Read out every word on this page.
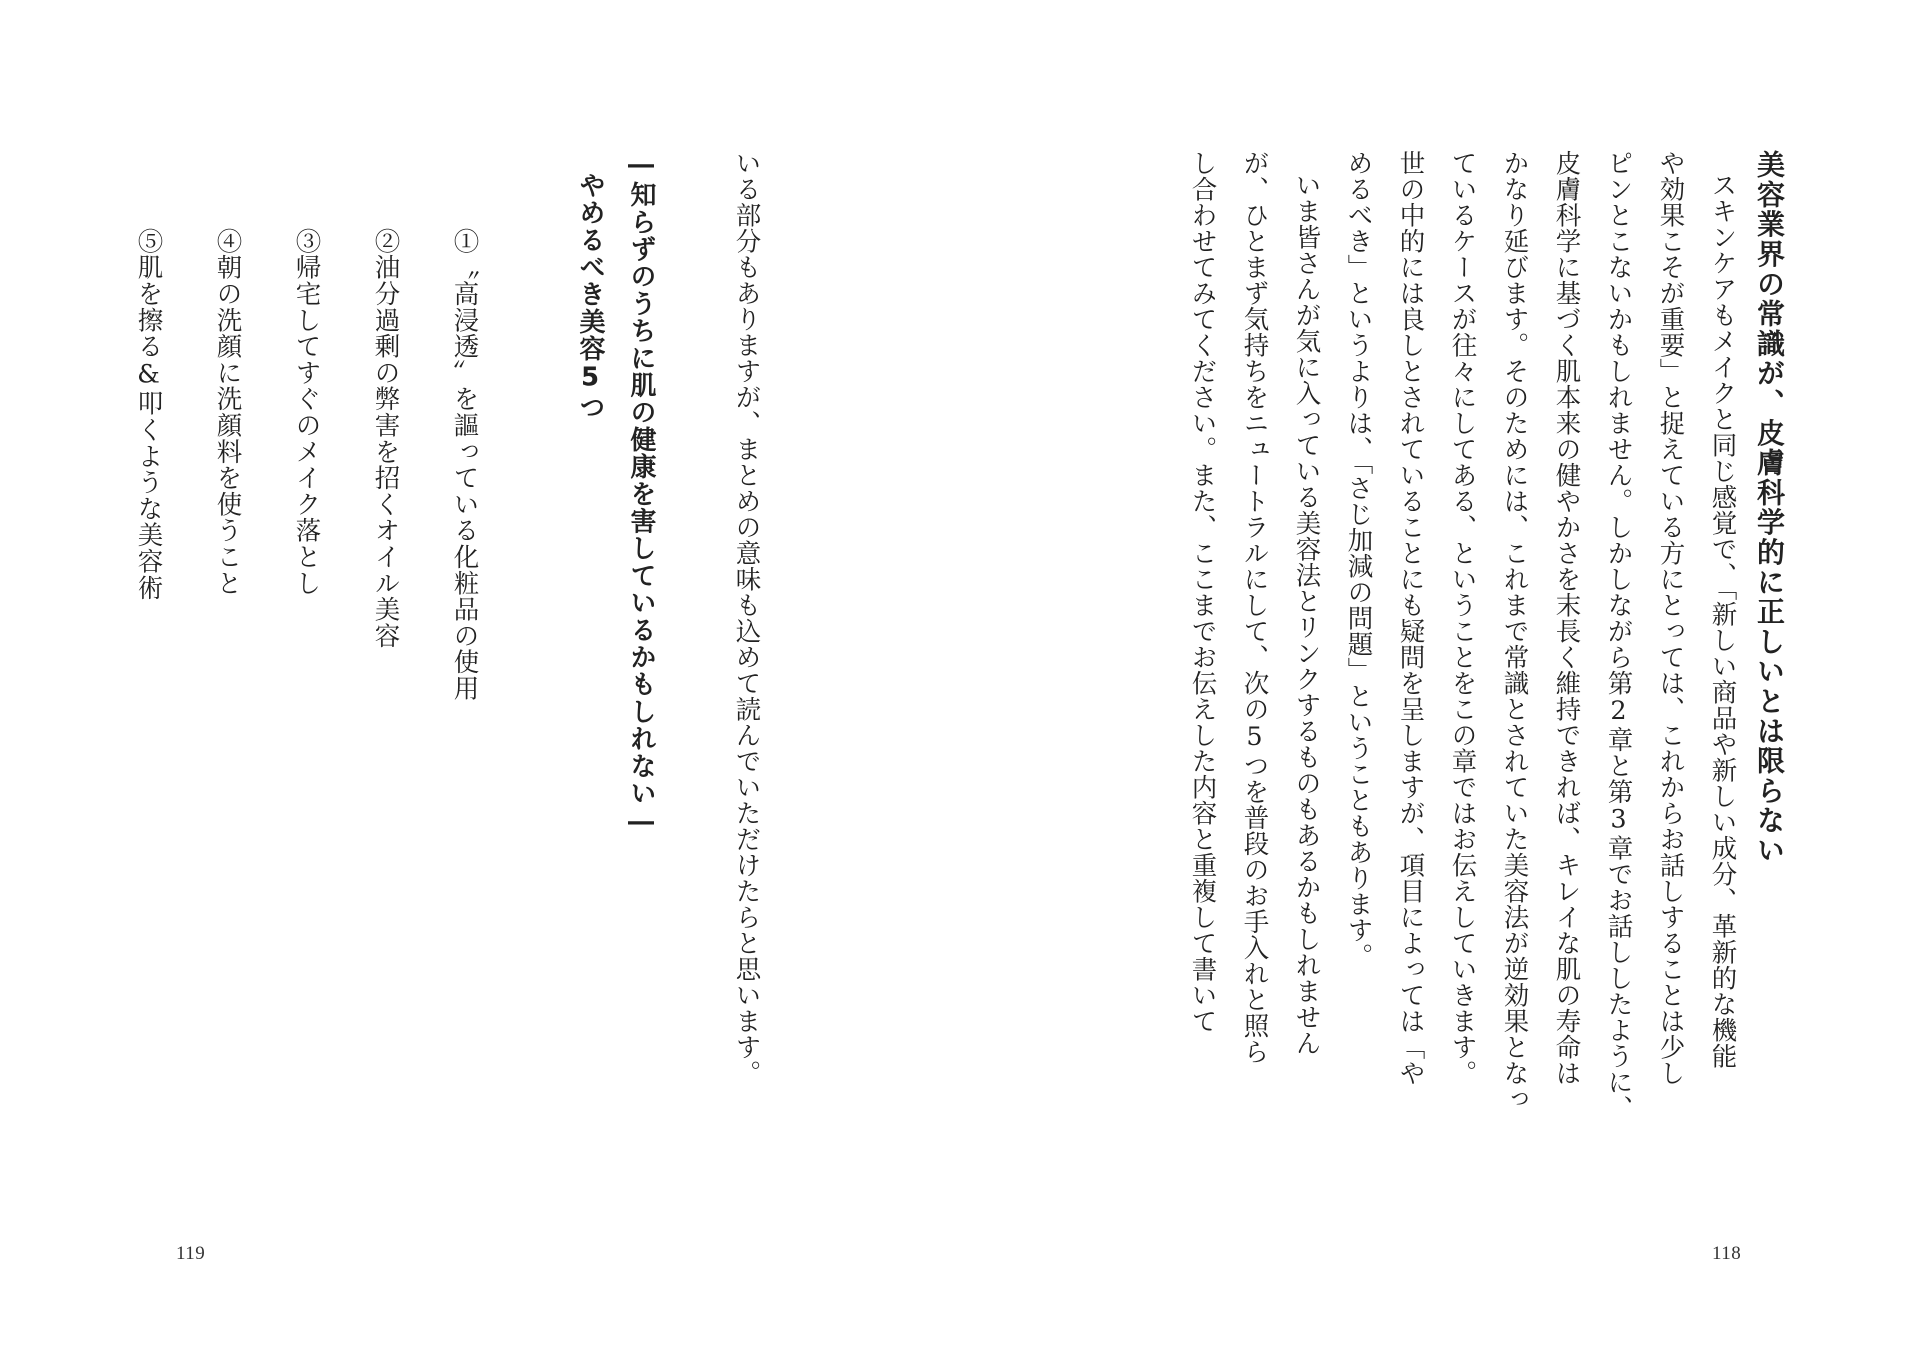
美容業界の常識が、皮膚科学的に正しいとは限らない
スキンケアもメイクと同じ感覚で、「新しい商品や新しい成分、革新的な機能
や効果こそが重要」と捉えている方にとっては、これからお話しすることは少し
ピンとこないかもしれません。しかしながら第2章と第3章でお話ししたように、
皮膚科学に基づく肌本来の健やかさを末長く維持できれば、キレイな肌の寿命は
かなり延びます。そのためには、これまで常識とされていた美容法が逆効果となっ
ているケースが往々にしてある、ということをこの章ではお伝えしていきます。
世の中的には良しとされていることにも疑問を呈しますが、項目によっては「や
めるべき」というよりは、「さじ加減の問題」ということもあります。
いま皆さんが気に入っている美容法とリンクするものもあるかもしれません
が、ひとまず気持ちをニュートラルにして、次の5つを普段のお手入れと照ら
し合わせてみてください。また、ここまでお伝えした内容と重複して書いて
118
いる部分もありますが、まとめの意味も込めて読んでいただけたらと思います。
―知らずのうちに肌の健康を害しているかもしれない―
やめるべき美容5つ
①〝高浸透〟を謳っている化粧品の使用
②油分過剰の弊害を招くオイル美容
③帰宅してすぐのメイク落とし
④朝の洗顔に洗顔料を使うこと
⑤肌を擦る&叩くような美容術
119
